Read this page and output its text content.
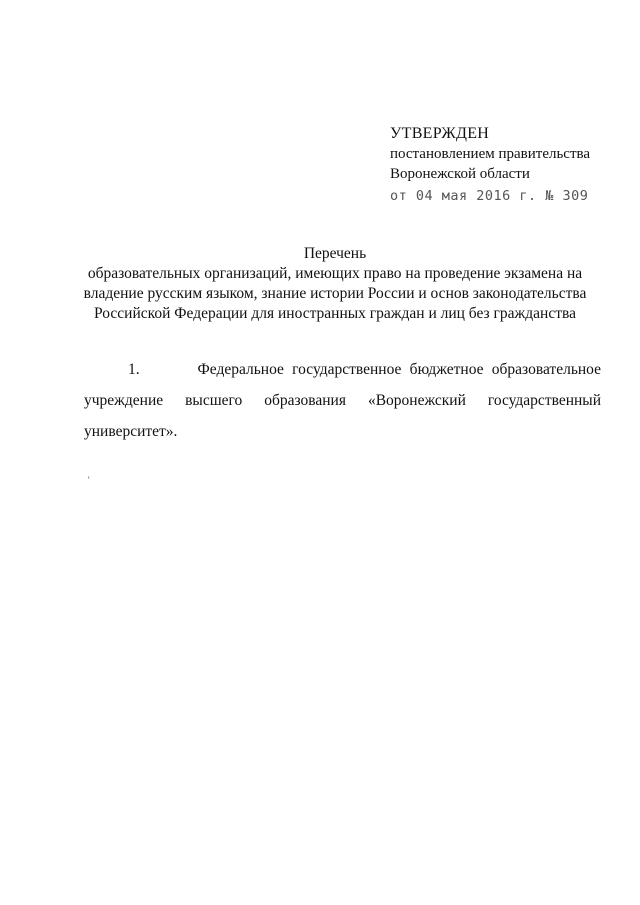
УТВЕРЖДЕН
постановлением правительства
Воронежской области
от 04 мая 2016 г. № 309
Перечень
образовательных организаций, имеющих право на проведение экзамена на
владение русским языком, знание истории России и основ законодательства
Российской Федерации для иностранных граждан и лиц без гражданства
1.	Федеральное государственное бюджетное образовательное учреждение высшего образования «Воронежский государственный университет».
